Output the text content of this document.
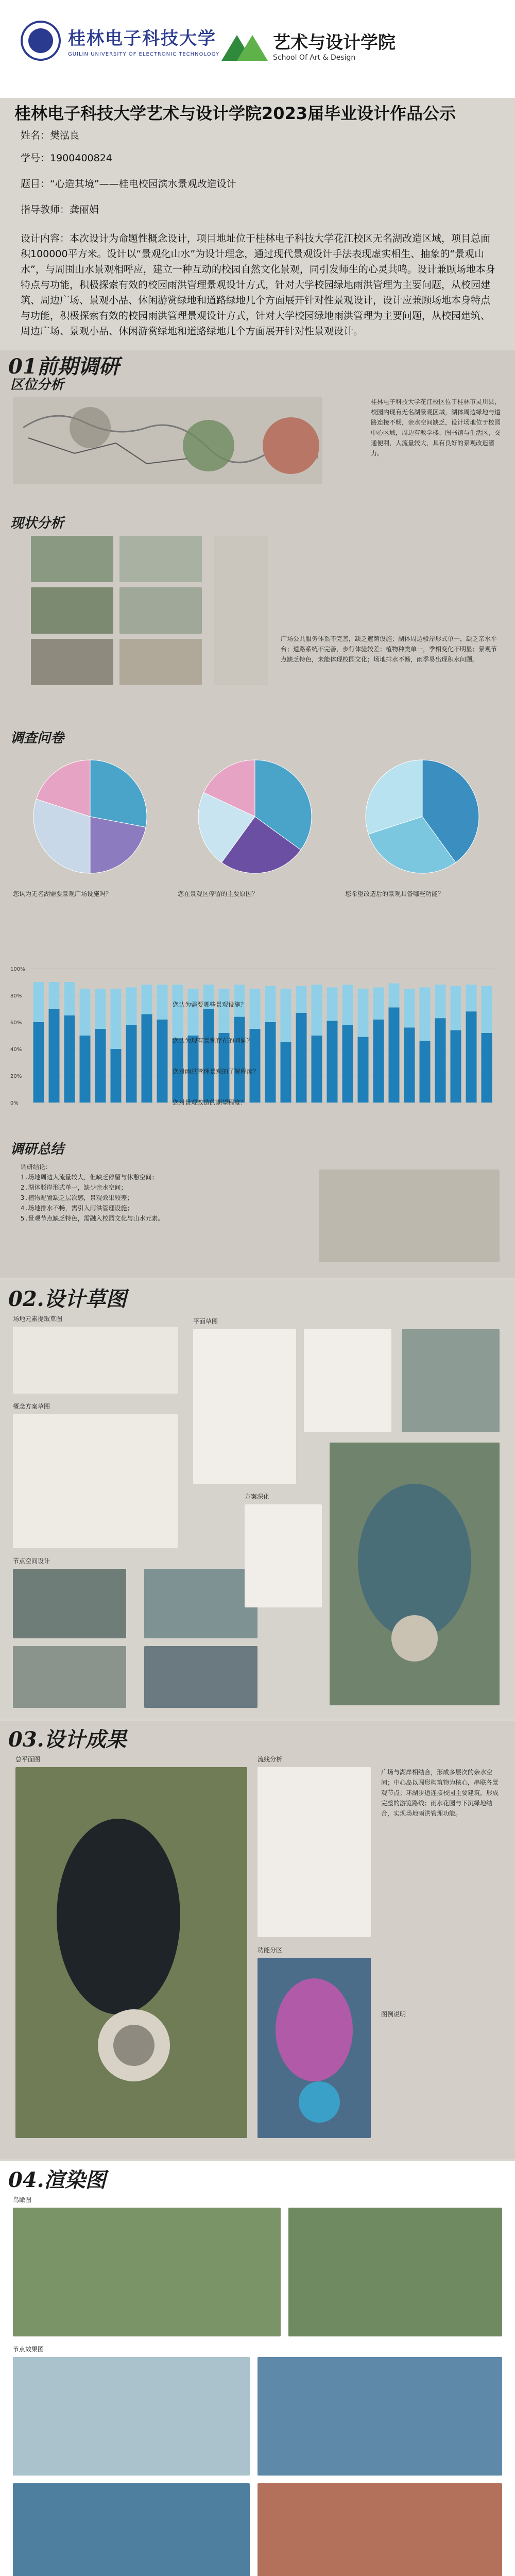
桂林电子科技大学
GUILIN UNIVERSITY OF ELECTRONIC TECHNOLOGY
艺术与设计学院
School Of Art & Design
桂林电子科技大学艺术与设计学院2023届毕业设计作品公示
姓名：樊泓良
学号：1900400824
题目：“心造其境”——桂电校园滨水景观改造设计
指导教师：龚丽娟
设计内容：本次设计为命题性概念设计，项目地址位于桂林电子科技大学花江校区无名湖改造区域，项目总面积100000平方米。设计以“景观化山水”为设计理念，通过现代景观设计手法表现虚实相生、抽象的“景观山水”，与周围山水景观相呼应，建立一种互动的校园自然文化景观，同引发师生的心灵共鸣。设计兼顾场地本身特点与功能，积极探索有效的校园雨洪管理景观设计方式，针对大学校园绿地雨洪管理为主要问题，从校园建筑、周边广场、景观小品、休闲游赏绿地和道路绿地几个方面展开针对性景观设计，设计应兼顾场地本身特点与功能，积极探索有效的校园雨洪管理景观设计方式，针对大学校园绿地雨洪管理为主要问题，从校园建筑、周边广场、景观小品、休闲游赏绿地和道路绿地几个方面展开针对性景观设计。
01前期调研
区位分析
桂林电子科技大学花江校区位于桂林市灵川县，校园内现有无名湖景观区域，湖体周边绿地与道路连接不畅，亲水空间缺乏，设计场地位于校园中心区域，周边有教学楼、图书馆与生活区，交通便利，人流量较大，具有良好的景观改造潜力。
现状分析
广场公共服务体系不完善，缺乏遮荫设施；湖体周边驳岸形式单一，缺乏亲水平台；道路系统不完善，步行体验较差；植物种类单一，季相变化不明显；景观节点缺乏特色，未能体现校园文化；场地排水不畅，雨季易出现积水问题。
调查问卷
您认为无名湖需要景观广场设施吗？	您在景观区停留的主要原因？	您希望改造后的景观具备哪些功能？
100%
80%
60%
40%
20%
0%
您认为需要哪些景观设施？
您认为现有景观存在的问题？
您对雨洪管理景观的了解程度？
您对景观改造的期望程度？
调研总结
调研结论：
1.场地周边人流量较大，但缺乏停留与休憩空间；
2.湖体驳岸形式单一，缺少亲水空间；
3.植物配置缺乏层次感，景观效果较差；
4.场地排水不畅，需引入雨洪管理设施；
5.景观节点缺乏特色，需融入校园文化与山水元素。
02.设计草图
场地元素提取草图
概念方案草图
节点空间设计
平面草图
方案深化
03.设计成果
总平面图	流线分析
广场与湖岸相结合，形成多层次的亲水空间；中心岛以圆形构筑物为核心，串联各景观节点；环湖步道连接校园主要建筑，形成完整的游览路线；雨水花园与下沉绿地结合，实现场地雨洪管理功能。
功能分区
图例说明
04.渲染图
鸟瞰图
节点效果图
